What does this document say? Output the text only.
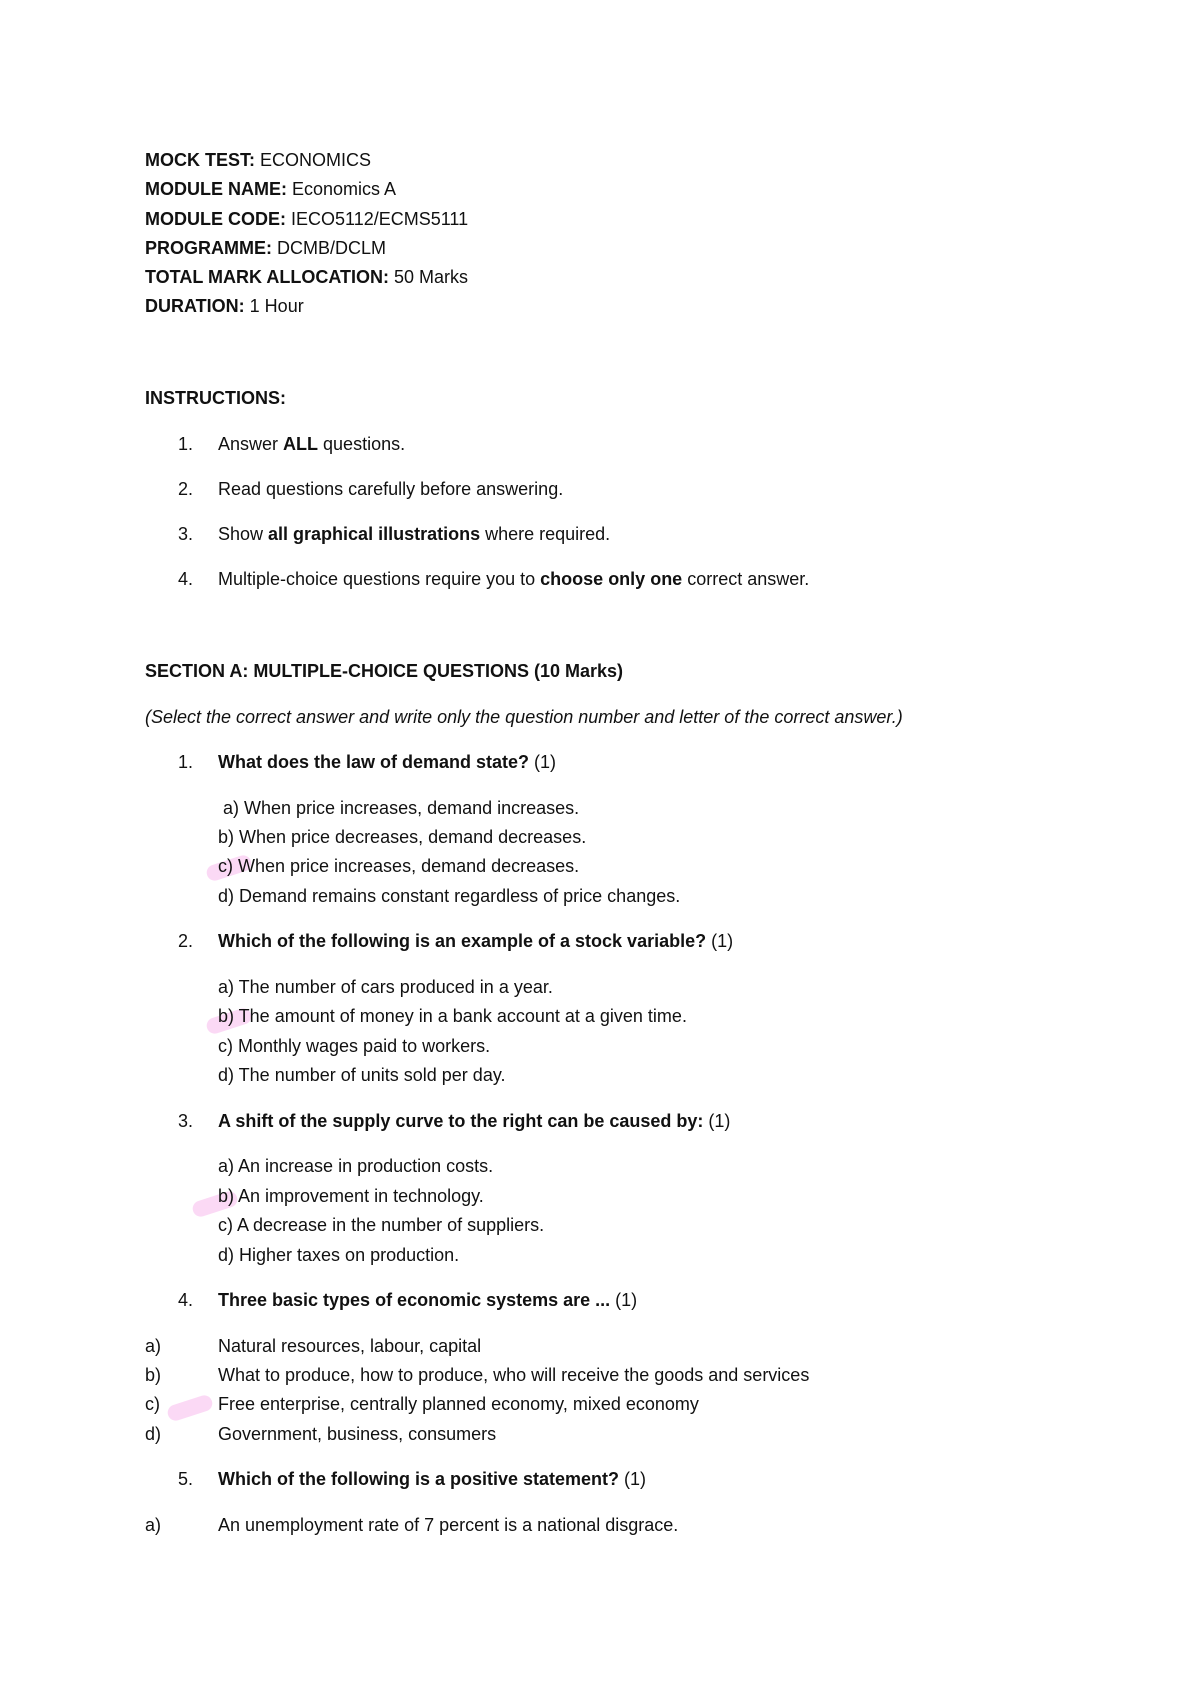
MOCK TEST: ECONOMICS
MODULE NAME: Economics A
MODULE CODE: IECO5112/ECMS5111
PROGRAMME: DCMB/DCLM
TOTAL MARK ALLOCATION: 50 Marks
DURATION: 1 Hour
INSTRUCTIONS:
1. Answer ALL questions.
2. Read questions carefully before answering.
3. Show all graphical illustrations where required.
4. Multiple-choice questions require you to choose only one correct answer.
SECTION A: MULTIPLE-CHOICE QUESTIONS (10 Marks)
(Select the correct answer and write only the question number and letter of the correct answer.)
1. What does the law of demand state? (1)
a) When price increases, demand increases.
b) When price decreases, demand decreases.
c) When price increases, demand decreases.
d) Demand remains constant regardless of price changes.
2. Which of the following is an example of a stock variable? (1)
a) The number of cars produced in a year.
b) The amount of money in a bank account at a given time.
c) Monthly wages paid to workers.
d) The number of units sold per day.
3. A shift of the supply curve to the right can be caused by: (1)
a) An increase in production costs.
b) An improvement in technology.
c) A decrease in the number of suppliers.
d) Higher taxes on production.
4. Three basic types of economic systems are ... (1)
a)	Natural resources, labour, capital
b)	What to produce, how to produce, who will receive the goods and services
c)	Free enterprise, centrally planned economy, mixed economy
d)	Government, business, consumers
5. Which of the following is a positive statement? (1)
a)	An unemployment rate of 7 percent is a national disgrace.
